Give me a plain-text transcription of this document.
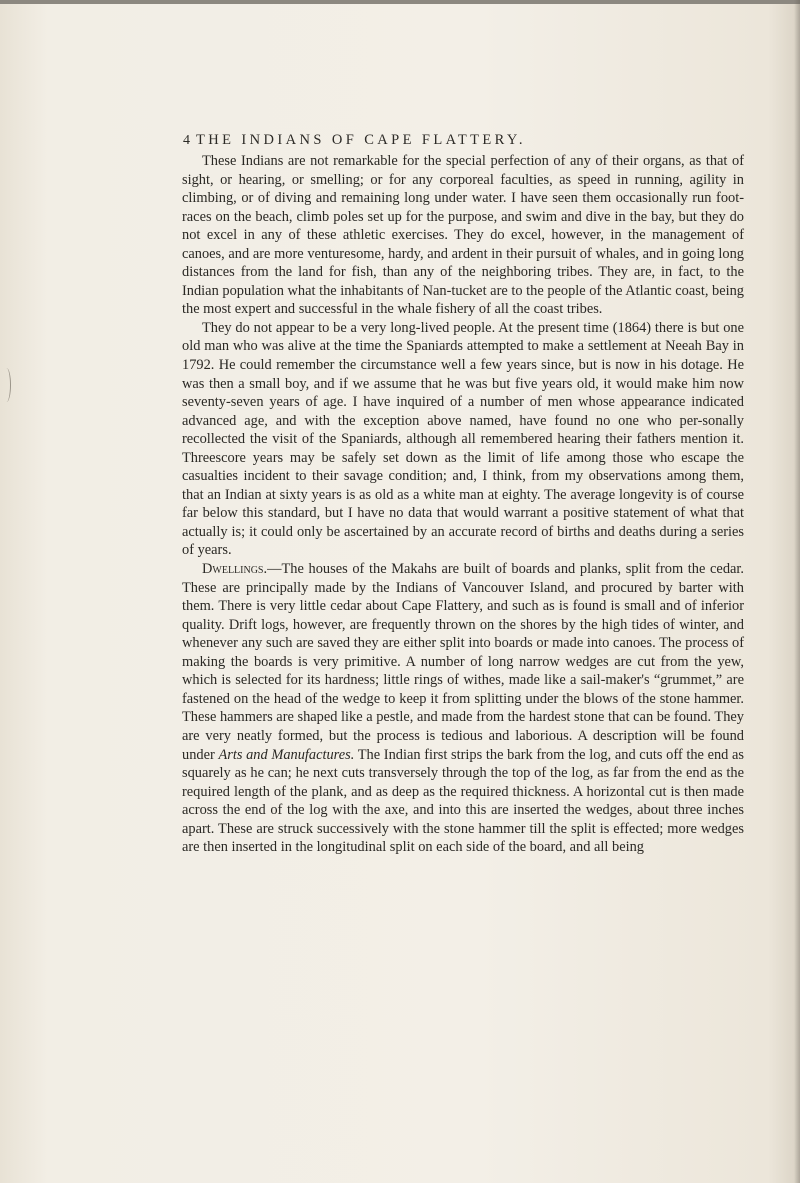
4 THE INDIANS OF CAPE FLATTERY.

These Indians are not remarkable for the special perfection of any of their organs, as that of sight, or hearing, or smelling; or for any corporeal faculties, as speed in running, agility in climbing, or of diving and remaining long under water. I have seen them occasionally run foot-races on the beach, climb poles set up for the purpose, and swim and dive in the bay, but they do not excel in any of these athletic exercises. They do excel, however, in the management of canoes, and are more venturesome, hardy, and ardent in their pursuit of whales, and in going long distances from the land for fish, than any of the neighboring tribes. They are, in fact, to the Indian population what the inhabitants of Nan-tucket are to the people of the Atlantic coast, being the most expert and successful in the whale fishery of all the coast tribes.

They do not appear to be a very long-lived people. At the present time (1864) there is but one old man who was alive at the time the Spaniards attempted to make a settlement at Neeah Bay in 1792. He could remember the circumstance well a few years since, but is now in his dotage. He was then a small boy, and if we assume that he was but five years old, it would make him now seventy-seven years of age. I have inquired of a number of men whose appearance indicated advanced age, and with the exception above named, have found no one who per-sonally recollected the visit of the Spaniards, although all remembered hearing their fathers mention it. Threescore years may be safely set down as the limit of life among those who escape the casualties incident to their savage condition; and, I think, from my observations among them, that an Indian at sixty years is as old as a white man at eighty. The average longevity is of course far below this standard, but I have no data that would warrant a positive statement of what that actually is; it could only be ascertained by an accurate record of births and deaths during a series of years.

Dwellings.—The houses of the Makahs are built of boards and planks, split from the cedar. These are principally made by the Indians of Vancouver Island, and procured by barter with them. There is very little cedar about Cape Flattery, and such as is found is small and of inferior quality. Drift logs, however, are frequently thrown on the shores by the high tides of winter, and whenever any such are saved they are either split into boards or made into canoes. The process of making the boards is very primitive. A number of long narrow wedges are cut from the yew, which is selected for its hardness; little rings of withes, made like a sail-maker's “grummet,” are fastened on the head of the wedge to keep it from splitting under the blows of the stone hammer. These hammers are shaped like a pestle, and made from the hardest stone that can be found. They are very neatly formed, but the process is tedious and laborious. A description will be found under Arts and Manufactures. The Indian first strips the bark from the log, and cuts off the end as squarely as he can; he next cuts transversely through the top of the log, as far from the end as the required length of the plank, and as deep as the required thickness. A horizontal cut is then made across the end of the log with the axe, and into this are inserted the wedges, about three inches apart. These are struck successively with the stone hammer till the split is effected; more wedges are then inserted in the longitudinal split on each side of the board, and all being
